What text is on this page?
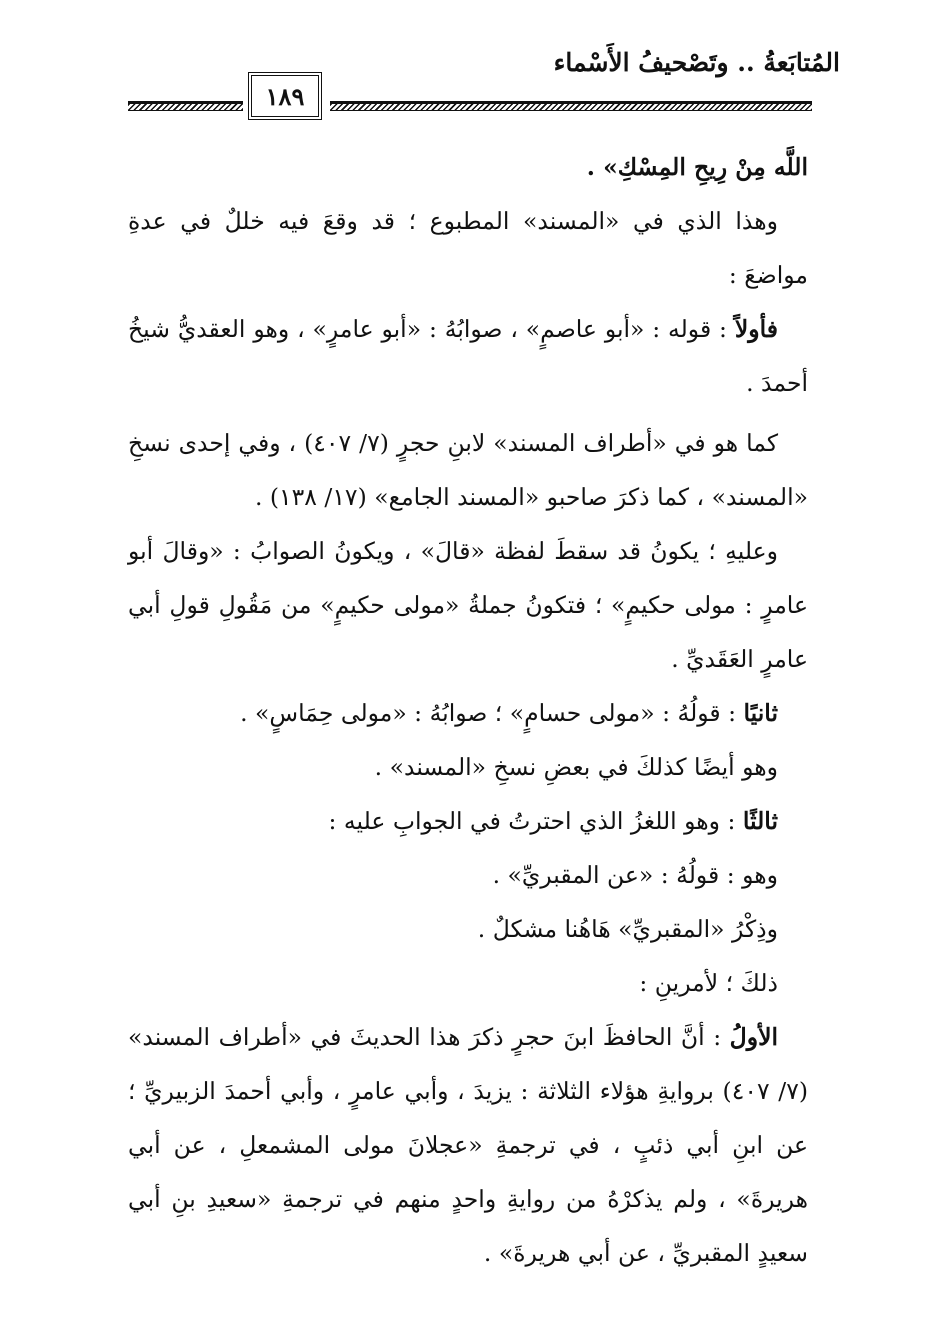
المُتابَعةُ .. وتَصْحيفُ الأَسْماء
١٨٩

اللَّه مِنْ رِيحِ المِسْكِ» .

وهذا الذي في «المسند» المطبوع ؛ قد وقعَ فيه خللٌ في عدةِ مواضعَ :

فأولاً : قوله : «أبو عاصمٍ» ، صوابُهُ : «أبو عامرٍ» ، وهو العقديُّ شيخُ أحمدَ .

كما هو في «أطراف المسند» لابنِ حجرٍ (٧/ ٤٠٧) ، وفي إحدى نسخِ «المسند» ، كما ذكرَ صاحبو «المسند الجامع» (١٧/ ١٣٨) .

وعليهِ ؛ يكونُ قد سقطَ لفظة «قالَ» ، ويكونُ الصوابُ : «وقالَ أبو عامرٍ : مولى حكيمٍ» ؛ فتكونُ جملةُ «مولى حكيمٍ» من مَقُولِ قولِ أبي عامرٍ العَقَديِّ .

ثانيًا : قولُهُ : «مولى حسامٍ» ؛ صوابُهُ : «مولى حِمَاسٍ» .

وهو أيضًا كذلكَ في بعضِ نسخِ «المسند» .

ثالثًا : وهو اللغزُ الذي احترتُ في الجوابِ عليه :

وهو : قولُهُ : «عن المقبريِّ» .

وذِكْرُ «المقبريِّ» هَاهُنا مشكلٌ .

ذلكَ ؛ لأمرينِ :

الأولُ : أنَّ الحافظَ ابنَ حجرٍ ذكرَ هذا الحديثَ في «أطراف المسند» (٧/ ٤٠٧) بروايةِ هؤلاء الثلاثة : يزيدَ ، وأبي عامرٍ ، وأبي أحمدَ الزبيريِّ ؛ عن ابنِ أبي ذئبٍ ، في ترجمةِ «عجلانَ مولى المشمعلِ ، عن أبي هريرةَ» ، ولم يذكرْهُ من روايةِ واحدٍ منهم في ترجمةِ «سعيدِ بنِ أبي سعيدٍ المقبريِّ ، عن أبي هريرةَ» .
